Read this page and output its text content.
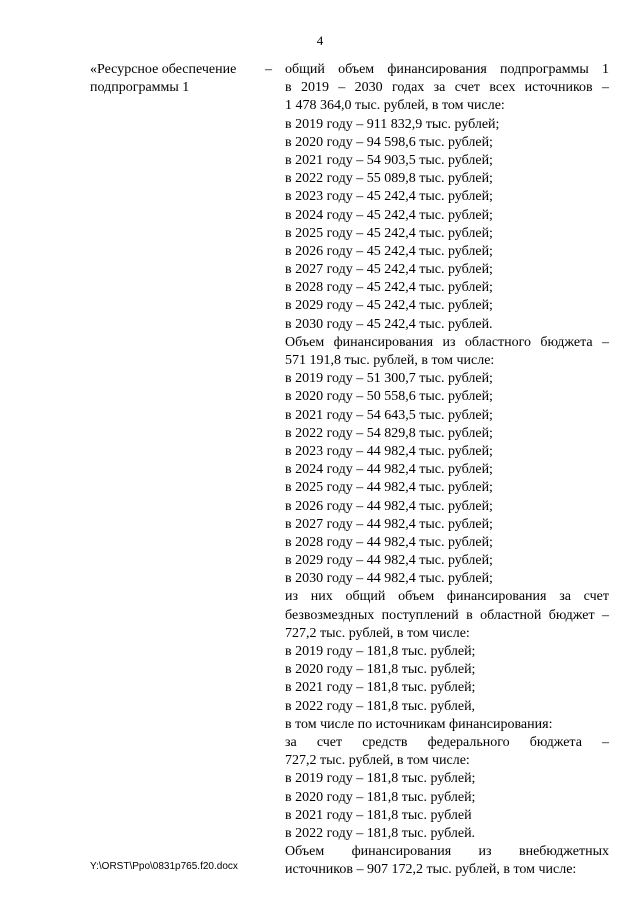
4
«Ресурсное обеспечение
подпрограммы 1
– общий объем финансирования подпрограммы 1
в 2019 – 2030 годах за счет всех источников –
1 478 364,0 тыс. рублей, в том числе:
в 2019 году – 911 832,9 тыс. рублей;
в 2020 году – 94 598,6 тыс. рублей;
в 2021 году – 54 903,5 тыс. рублей;
в 2022 году – 55 089,8 тыс. рублей;
в 2023 году – 45 242,4 тыс. рублей;
в 2024 году – 45 242,4 тыс. рублей;
в 2025 году – 45 242,4 тыс. рублей;
в 2026 году – 45 242,4 тыс. рублей;
в 2027 году – 45 242,4 тыс. рублей;
в 2028 году – 45 242,4 тыс. рублей;
в 2029 году – 45 242,4 тыс. рублей;
в 2030 году – 45 242,4 тыс. рублей.
Объем финансирования из областного бюджета –
571 191,8 тыс. рублей, в том числе:
в 2019 году – 51 300,7 тыс. рублей;
в 2020 году – 50 558,6 тыс. рублей;
в 2021 году – 54 643,5 тыс. рублей;
в 2022 году – 54 829,8 тыс. рублей;
в 2023 году – 44 982,4 тыс. рублей;
в 2024 году – 44 982,4 тыс. рублей;
в 2025 году – 44 982,4 тыс. рублей;
в 2026 году – 44 982,4 тыс. рублей;
в 2027 году – 44 982,4 тыс. рублей;
в 2028 году – 44 982,4 тыс. рублей;
в 2029 году – 44 982,4 тыс. рублей;
в 2030 году – 44 982,4 тыс. рублей;
из них общий объем финансирования за счет
безвозмездных поступлений в областной бюджет –
727,2 тыс. рублей, в том числе:
в 2019 году – 181,8 тыс. рублей;
в 2020 году – 181,8 тыс. рублей;
в 2021 году – 181,8 тыс. рублей;
в 2022 году – 181,8 тыс. рублей,
в том числе по источникам финансирования:
за счет средств федерального бюджета –
727,2 тыс. рублей, в том числе:
в 2019 году – 181,8 тыс. рублей;
в 2020 году – 181,8 тыс. рублей;
в 2021 году – 181,8 тыс. рублей
в 2022 году – 181,8 тыс. рублей.
Объем финансирования из внебюджетных
источников – 907 172,2 тыс. рублей, в том числе:
Y:\ORST\Ppo\0831p765.f20.docx
